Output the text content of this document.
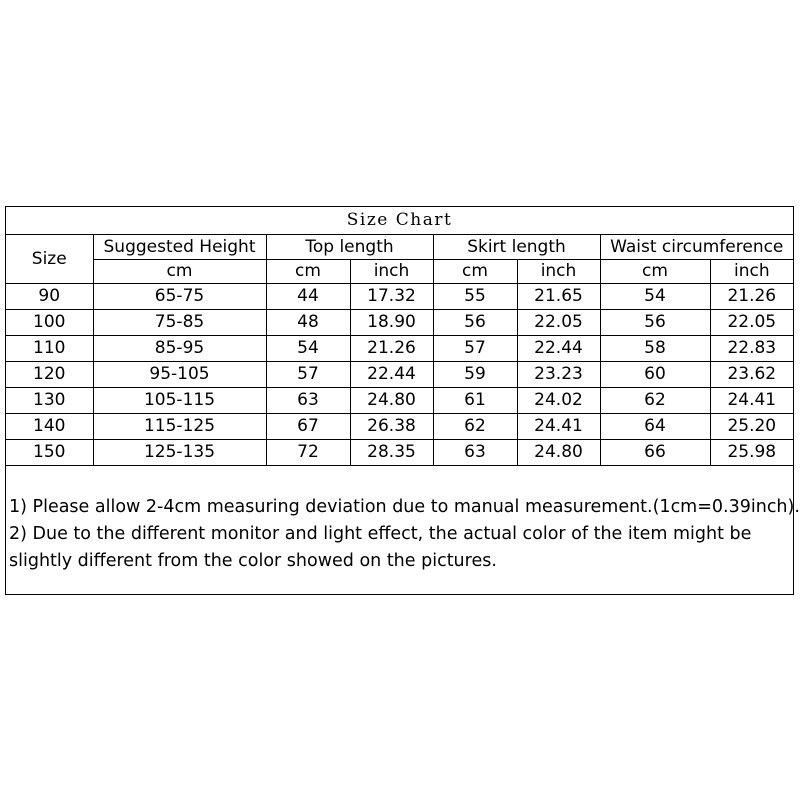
Size Chart							
Size	Suggested Height	Top length		Skirt length		Waist circumference	
	cm	cm	inch	cm	inch	cm	inch
90	65-75	44	17.32	55	21.65	54	21.26
100	75-85	48	18.90	56	22.05	56	22.05
110	85-95	54	21.26	57	22.44	58	22.83
120	95-105	57	22.44	59	23.23	60	23.62
130	105-115	63	24.80	61	24.02	62	24.41
140	115-125	67	26.38	62	24.41	64	25.20
150	125-135	72	28.35	63	24.80	66	25.98

1) Please allow 2-4cm measuring deviation due to manual measurement.(1cm=0.39inch).

2) Due to the different monitor and light effect, the actual color of the item might be

slightly different from the color showed on the pictures.
